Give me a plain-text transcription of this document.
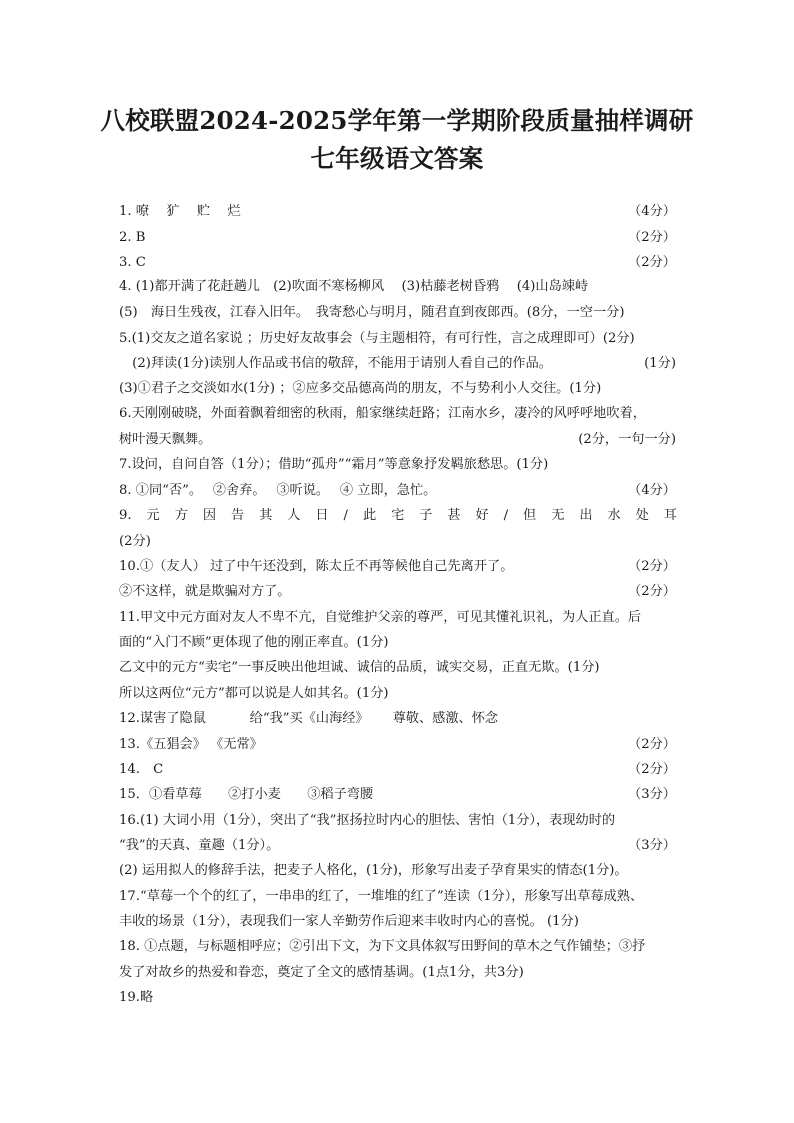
八校联盟2024-2025学年第一学期阶段质量抽样调研
七年级语文答案
1. 嘹　 犷　 贮　 烂	（4分）
2. B	（2分）
3. C	（2分）
4. (1)都开满了花赶趟儿　(2)吹面不寒杨柳风　 (3)枯藤老树昏鸦　 (4)山岛竦峙
(5)　海日生残夜，江春入旧年。　我寄愁心与明月，随君直到夜郎西。(8分，一空一分)
5.(1)交友之道名家说 ；历史好友故事会（与主题相符，有可行性，言之成理即可）(2分)
　(2)拜读(1分)读别人作品或书信的敬辞，不能用于请别人看自己的作品。	(1分)
(3)①君子之交淡如水(1分) ；②应多交品德高尚的朋友，不与势利小人交往。(1分)
6.天刚刚破晓，外面着飘着细密的秋雨，船家继续赶路；江南水乡，凄冷的风呼呼地吹着，
树叶漫天飘舞。	(2分，一句一分)
7.设问，自问自答（1分）；借助“孤舟”“霜月”等意象抒发羁旅愁思。(1分)
8. ①同“否”。　 ②舍弃。　 ③听说。　 ④ 立即，急忙。	（4分）
9. 元 方 因 告 其 人 日 / 此 宅 子 甚 好 / 但 无 出 水 处 耳
(2分)
10.①（友人） 过了中午还没到，陈太丘不再等候他自己先离开了。	（2分）
②不这样，就是欺骗对方了。	（2分）
11.甲文中元方面对友人不卑不亢，自觉维护父亲的尊严，可见其懂礼识礼，为人正直。后
面的“入门不顾”更体现了他的刚正率直。(1分)
乙文中的元方“卖宅”一事反映出他坦诚、诚信的品质，诚实交易，正直无欺。(1分)
所以这两位“元方”都可以说是人如其名。(1分)
12.谋害了隐鼠　　　 给“我”买《山海经》　　 尊敬、感激、怀念
13.《五猖会》 《无常》	（2分）
14.　C	（2分）
15．①看草莓　　②打小麦　　③稻子弯腰	（3分）
16.(1) 大词小用（1分），突出了“我”抠扬拉时内心的胆怯、害怕（1分），表现幼时的
“我”的天真、童趣（1分）。	（3分）
(2) 运用拟人的修辞手法，把麦子人格化，(1分)，形象写出麦子孕育果实的情态(1分)。
17.“草莓一个个的红了，一串串的红了，一堆堆的红了”连读（1分），形象写出草莓成熟、
丰收的场景（1分），表现我们一家人辛勤劳作后迎来丰收时内心的喜悦。 (1分)
18. ①点题，与标题相呼应；②引出下文，为下文具体叙写田野间的草木之气作铺垫；③抒
发了对故乡的热爱和眷恋，奠定了全文的感情基调。(1点1分，共3分)
19.略
